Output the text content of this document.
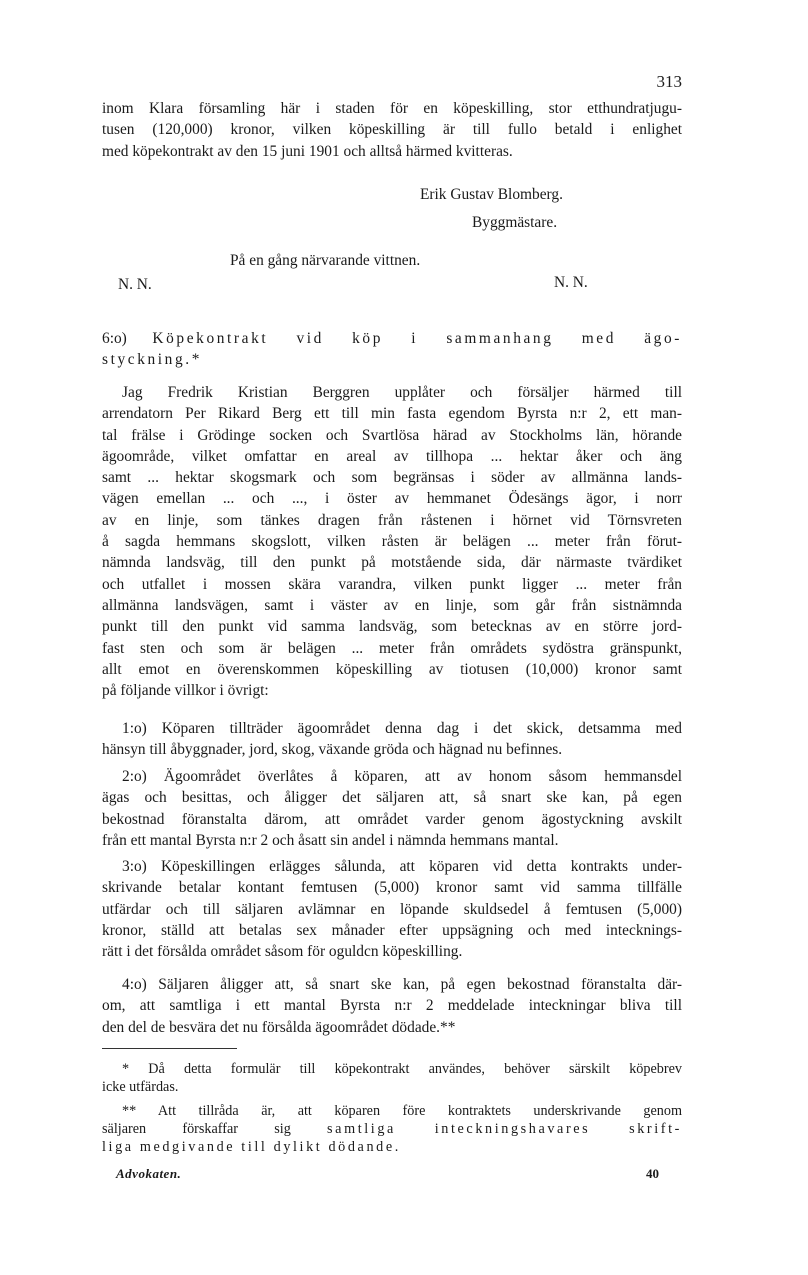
313
inom Klara församling här i staden för en köpeskilling, stor etthundratjugu-
tusen (120,000) kronor, vilken köpeskilling är till fullo betald i enlighet
med köpekontrakt av den 15 juni 1901 och alltså härmed kvitteras.
Erik Gustav Blomberg.
Byggmästare.
På en gång närvarande vittnen.
N. N.	N. N.
6:o) Köpekontrakt vid köp i sammanhang med ägo-
styckning.*
Jag Fredrik Kristian Berggren upplåter och försäljer härmed till
arrendatorn Per Rikard Berg ett till min fasta egendom Byrsta n:r 2, ett man-
tal frälse i Grödinge socken och Svartlösa härad av Stockholms län, hörande
ägoområde, vilket omfattar en areal av tillhopa ... hektar åker och äng
samt ... hektar skogsmark och som begränsas i söder av allmänna lands-
vägen emellan ... och ..., i öster av hemmanet Ödesängs ägor, i norr
av en linje, som tänkes dragen från råstenen i hörnet vid Törnsvreten
å sagda hemmans skogslott, vilken råsten är belägen ... meter från förut-
nämnda landsväg, till den punkt på motstående sida, där närmaste tvärdiket
och utfallet i mossen skära varandra, vilken punkt ligger ... meter från
allmänna landsvägen, samt i väster av en linje, som går från sistnämnda
punkt till den punkt vid samma landsväg, som betecknas av en större jord-
fast sten och som är belägen ... meter från områdets sydöstra gränspunkt,
allt emot en överenskommen köpeskilling av tiotusen (10,000) kronor samt
på följande villkor i övrigt:
1:o) Köparen tillträder ägoområdet denna dag i det skick, detsamma med
hänsyn till åbyggnader, jord, skog, växande gröda och hägnad nu befinnes.
2:o) Ägoområdet överlåtes å köparen, att av honom såsom hemmansdel
ägas och besittas, och åligger det säljaren att, så snart ske kan, på egen
bekostnad föranstalta därom, att området varder genom ägostyckning avskilt
från ett mantal Byrsta n:r 2 och åsatt sin andel i nämnda hemmans mantal.
3:o) Köpeskillingen erlägges sålunda, att köparen vid detta kontrakts under-
skrivande betalar kontant femtusen (5,000) kronor samt vid samma tillfälle
utfärdar och till säljaren avlämnar en löpande skuldsedel å femtusen (5,000)
kronor, ställd att betalas sex månader efter uppsägning och med intecknings-
rätt i det försålda området såsom för oguldcn köpeskilling.
4:o) Säljaren åligger att, så snart ske kan, på egen bekostnad föranstalta där-
om, att samtliga i ett mantal Byrsta n:r 2 meddelade inteckningar bliva till
den del de besvära det nu försålda ägoområdet dödade.**
* Då detta formulär till köpekontrakt användes, behöver särskilt köpebrev
icke utfärdas.
** Att tillråda är, att köparen före kontraktets underskrivande genom
säljaren förskaffar sig	samtliga inteckningshavares skrift-
liga medgivande till dylikt dödande.
Advokaten.	40
